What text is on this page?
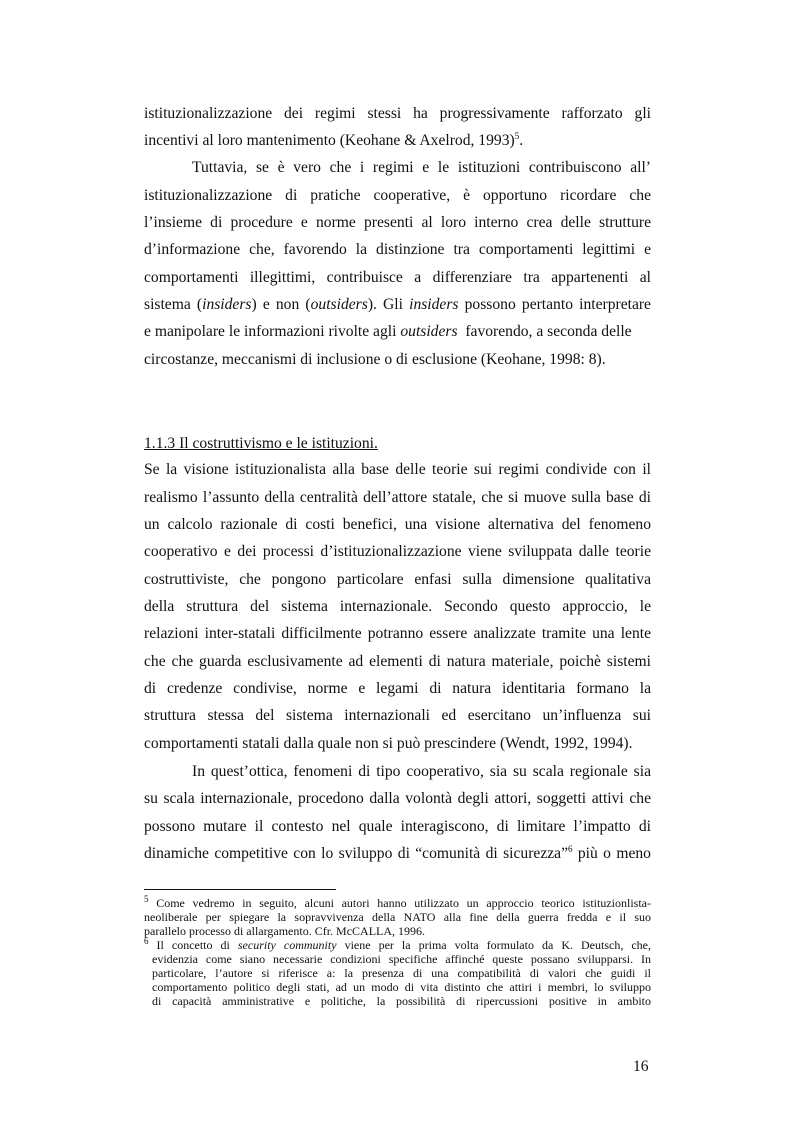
istituzionalizzazione dei regimi stessi ha progressivamente rafforzato gli
incentivi al loro mantenimento (Keohane & Axelrod, 1993)$^5$.
Tuttavia, se è vero che i regimi e le istituzioni contribuiscono all’
istituzionalizzazione di pratiche cooperative, è opportuno ricordare che
l’insieme di procedure e norme presenti al loro interno crea delle strutture
d’informazione che, favorendo la distinzione tra comportamenti legittimi e
comportamenti illegittimi, contribuisce a differenziare tra appartenenti al
sistema (insiders) e non (outsiders). Gli insiders possono pertanto interpretare
e manipolare le informazioni rivolte agli outsiders  favorendo, a seconda delle
circostanze, meccanismi di inclusione o di esclusione (Keohane, 1998: 8).
1.1.3 Il costruttivismo e le istituzioni.
Se la visione istituzionalista alla base delle teorie sui regimi condivide con il
realismo l’assunto della centralità dell’attore statale, che si muove sulla base di
un calcolo razionale di costi benefici, una visione alternativa del fenomeno
cooperativo e dei processi d’istituzionalizzazione viene sviluppata dalle teorie
costruttiviste, che pongono particolare enfasi sulla dimensione qualitativa
della struttura del sistema internazionale. Secondo questo approccio, le
relazioni inter-statali difficilmente potranno essere analizzate tramite una lente
che che guarda esclusivamente ad elementi di natura materiale, poichè sistemi
di credenze condivise, norme e legami di natura identitaria formano la
struttura stessa del sistema internazionali ed esercitano un’influenza sui
comportamenti statali dalla quale non si può prescindere (Wendt, 1992, 1994).
In quest’ottica, fenomeni di tipo cooperativo, sia su scala regionale sia
su scala internazionale, procedono dalla volontà degli attori, soggetti attivi che
possono mutare il contesto nel quale interagiscono, di limitare l’impatto di
dinamiche competitive con lo sviluppo di “comunità di sicurezza”$^6$ più o meno
$^5$ Come vedremo in seguito, alcuni autori hanno utilizzato un approccio teorico istituzionlista-
neoliberale per spiegare la sopravvivenza della NATO alla fine della guerra fredda e il suo
parallelo processo di allargamento. Cfr. McCALLA, 1996.
$^6$ Il concetto di security community viene per la prima volta formulato da K. Deutsch, che,
evidenzia come siano necessarie condizioni specifiche affinché queste possano svilupparsi. In
particolare, l’autore si riferisce a: la presenza di una compatibilità di valori che guidi il
comportamento politico degli stati, ad un modo di vita distinto che attiri i membri, lo sviluppo
di capacità amministrative e politiche, la possibilità di ripercussioni positive in ambito
16
